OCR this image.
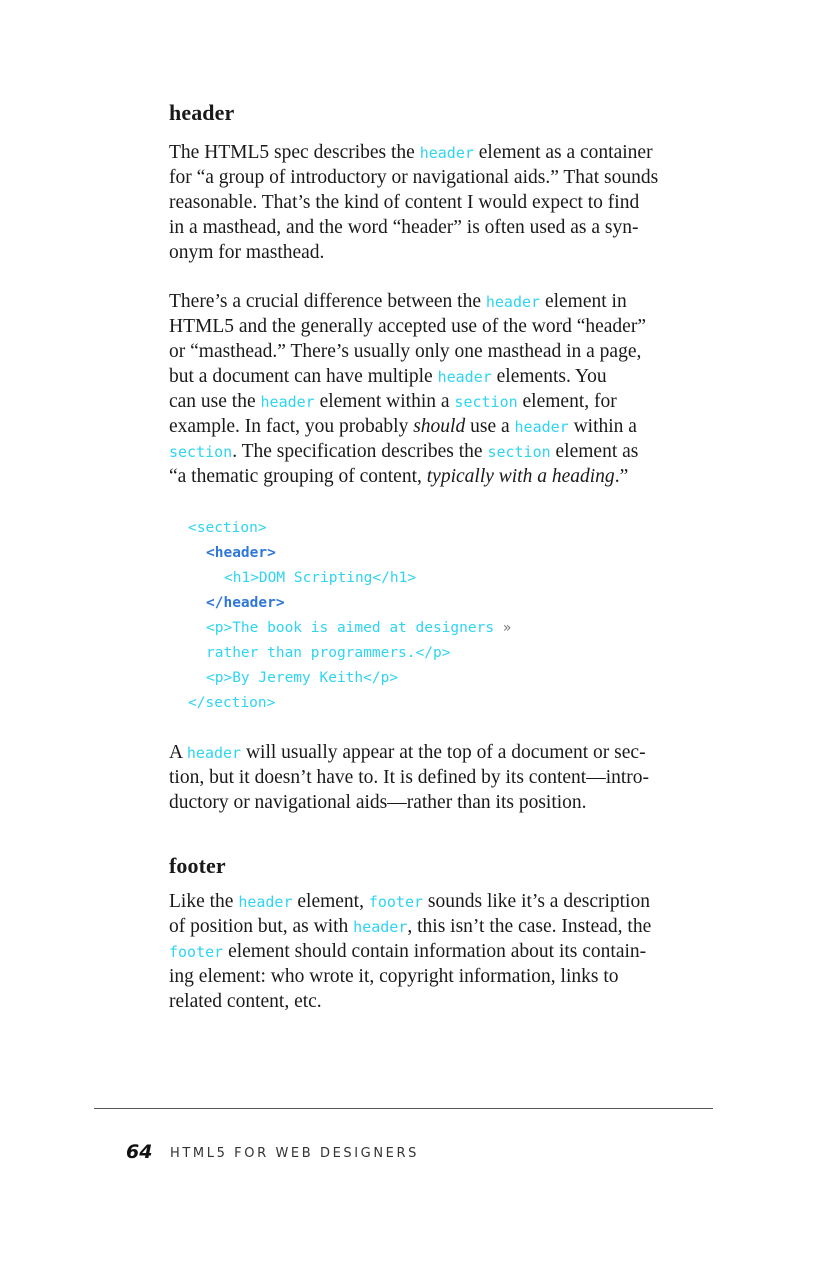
header
The HTML5 spec describes the header element as a container
for “a group of introductory or navigational aids.” That sounds
reasonable. That’s the kind of content I would expect to find
in a masthead, and the word “header” is often used as a syn-
onym for masthead.
There’s a crucial difference between the header element in
HTML5 and the generally accepted use of the word “header”
or “masthead.” There’s usually only one masthead in a page,
but a document can have multiple header elements. You
can use the header element within a section element, for
example. In fact, you probably should use a header within a
section. The specification describes the section element as
“a thematic grouping of content, typically with a heading.”
<section>
<header>
<h1>DOM Scripting</h1>
</header>
<p>The book is aimed at designers »
rather than programmers.</p>
<p>By Jeremy Keith</p>
</section>
A header will usually appear at the top of a document or sec-
tion, but it doesn’t have to. It is defined by its content—intro-
ductory or navigational aids—rather than its position.
footer
Like the header element, footer sounds like it’s a description
of position but, as with header, this isn’t the case. Instead, the
footer element should contain information about its contain-
ing element: who wrote it, copyright information, links to
related content, etc.
64 HTML5 FOR WEB DESIGNERS
